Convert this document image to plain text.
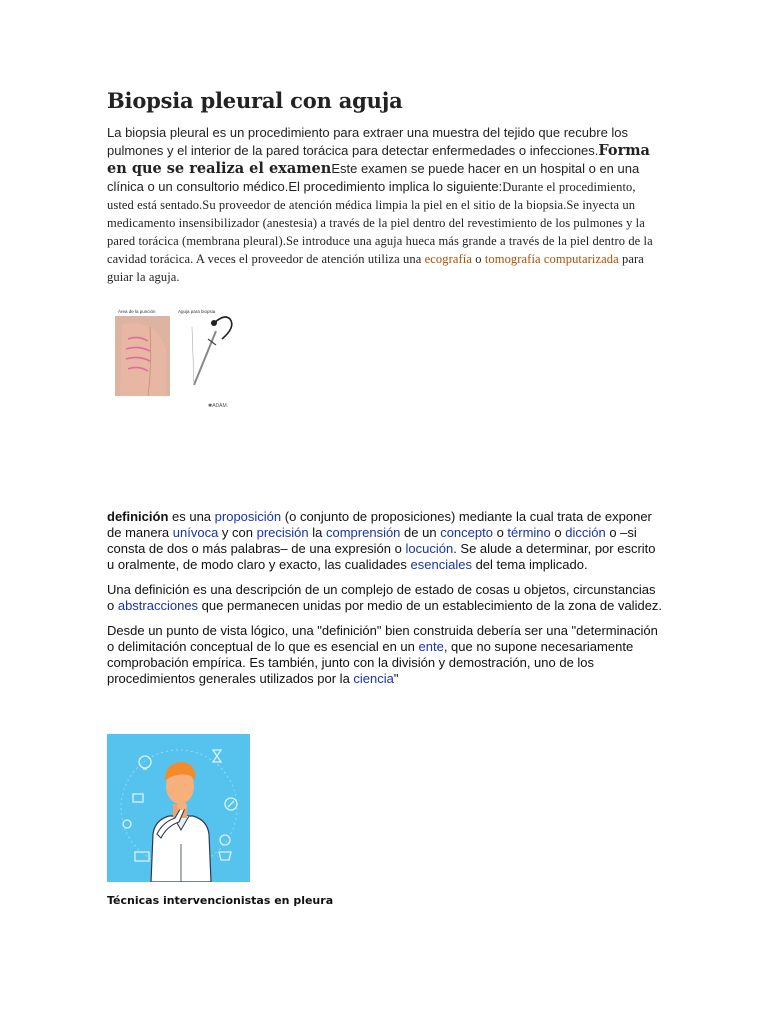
Biopsia pleural con aguja

La biopsia pleural es un procedimiento para extraer una muestra del tejido que recubre los pulmones y el interior de la pared torácica para detectar enfermedades o infecciones.Forma en que se realiza el examenEste examen se puede hacer en un hospital o en una clínica o un consultorio médico.El procedimiento implica lo siguiente:Durante el procedimiento, usted está sentado.Su proveedor de atención médica limpia la piel en el sitio de la biopsia.Se inyecta un medicamento insensibilizador (anestesia) a través de la piel dentro del revestimiento de los pulmones y la pared torácica (membrana pleural).Se introduce una aguja hueca más grande a través de la piel dentro de la cavidad torácica. A veces el proveedor de atención utiliza una ecografía o tomografía computarizada para guiar la aguja.

Área de la punción	Aguja para biopsia
✱ADAM.

definición es una proposición (o conjunto de proposiciones) mediante la cual trata de exponer de manera unívoca y con precisión la comprensión de un concepto o término o dicción o –si consta de dos o más palabras– de una expresión o locución. Se alude a determinar, por escrito u oralmente, de modo claro y exacto, las cualidades esenciales del tema implicado.

Una definición es una descripción de un complejo de estado de cosas u objetos, circunstancias o abstracciones que permanecen unidas por medio de un establecimiento de la zona de validez.

Desde un punto de vista lógico, una "definición" bien construida debería ser una "determinación o delimitación conceptual de lo que es esencial en un ente, que no supone necesariamente comprobación empírica. Es también, junto con la división y demostración, uno de los procedimientos generales utilizados por la ciencia"

Técnicas intervencionistas en pleura
